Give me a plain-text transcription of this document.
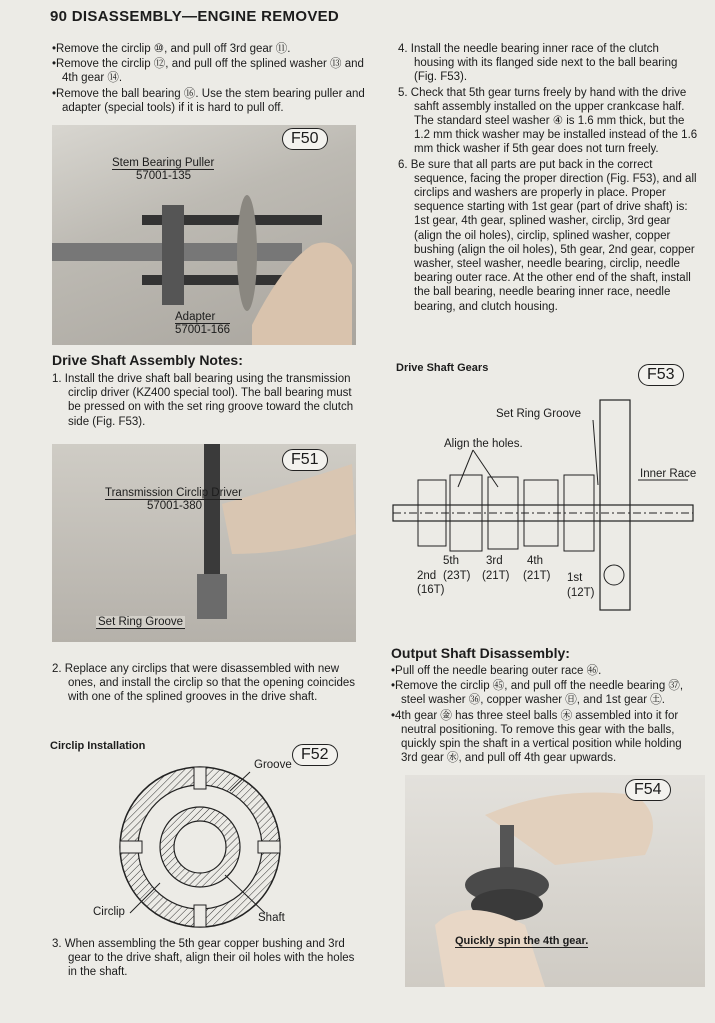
90 DISASSEMBLY—ENGINE REMOVED

•Remove the circlip ⑩, and pull off 3rd gear ⑪.

•Remove the circlip ⑫, and pull off the splined washer ⑬ and 4th gear ⑭.

•Remove the ball bearing ⑯. Use the stem bearing puller and adapter (special tools) if it is hard to pull off.

F50
Stem Bearing Puller
57001-135
Adapter
57001-166
Drive Shaft Assembly Notes:

1. Install the drive shaft ball bearing using the transmission circlip driver (KZ400 special tool). The ball bearing must be pressed on with the set ring groove toward the clutch side (Fig. F53).

F51
Transmission Circlip Driver
57001-380
Set Ring Groove

2. Replace any circlips that were disassembled with new ones, and install the circlip so that the opening coincides with one of the splined grooves in the drive shaft.

Circlip Installation	F52
Groove
Circlip	Shaft

3. When assembling the 5th gear copper bushing and 3rd gear to the drive shaft, align their oil holes with the holes in the shaft.

4. Install the needle bearing inner race of the clutch housing with its flanged side next to the ball bearing (Fig. F53).

5. Check that 5th gear turns freely by hand with the drive sahft assembly installed on the upper crankcase half. The standard steel washer ④ is 1.6 mm thick, but the 1.2 mm thick washer may be installed instead of the 1.6 mm thick washer if 5th gear does not turn freely.

6. Be sure that all parts are put back in the correct sequence, facing the proper direction (Fig. F53), and all circlips and washers are properly in place. Proper sequence starting with 1st gear (part of drive shaft) is: 1st gear, 4th gear, splined washer, circlip, 3rd gear (align the oil holes), circlip, splined washer, copper bushing (align the oil holes), 5th gear, 2nd gear, copper washer, steel washer, needle bearing, circlip, needle bearing outer race. At the other end of the shaft, install the ball bearing, needle bearing inner race, needle bearing, and clutch housing.

Drive Shaft Gears	F53
Set Ring Groove
Align the holes.
Inner Race
5th 3rd 4th
2nd (23T) (21T) (21T) 1st
(16T)	(12T)
Output Shaft Disassembly:

•Pull off the needle bearing outer race ㊻.

•Remove the circlip ㊺, and pull off the needle bearing ㊲, steel washer ㊱, copper washer ㊐, and 1st gear ㊏.

•4th gear ㊎ has three steel balls ㊍ assembled into it for neutral positioning. To remove this gear with the balls, quickly spin the shaft in a vertical position while holding 3rd gear ㊌, and pull off 4th gear upwards.

F54
Quickly spin the 4th gear.
